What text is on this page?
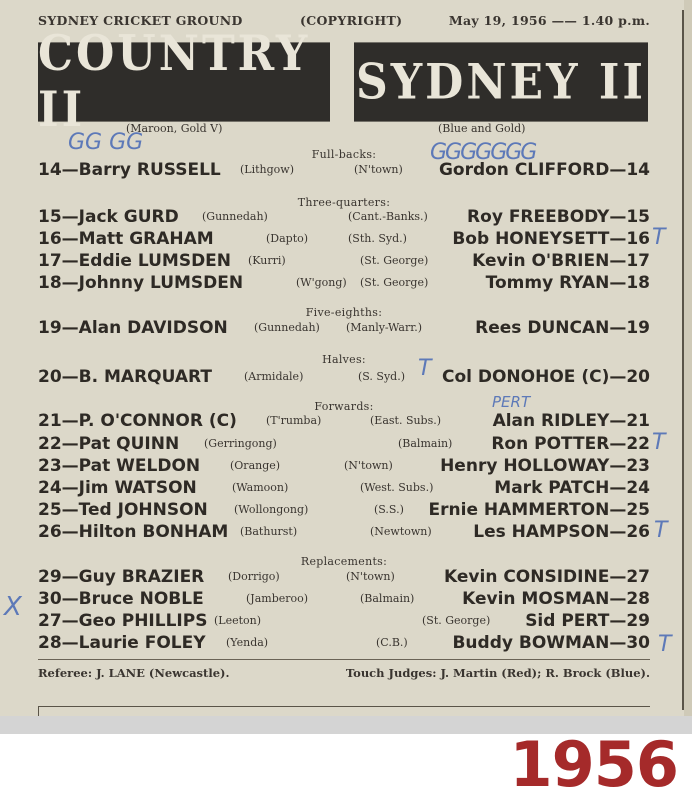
SYDNEY CRICKET GROUND	(COPYRIGHT)	May 19, 1956 —— 1.40 p.m.
COUNTRY II	SYDNEY II
(Maroon, Gold V)	(Blue and Gold)
GG GG	GGGGGGG
Full-backs:
Three-quarters:
Five-eighths:
Halves:
Forwards:
Replacements:
14—Barry RUSSELL (Lithgow)	(N'town) Gordon CLIFFORD—14
15—Jack GURD (Gunnedah)	(Cant.-Banks.) Roy FREEBODY—15
16—Matt GRAHAM	(Dapto)	(Sth. Syd.)	Bob HONEYSETT—16
17—Eddie LUMSDEN (Kurri)	(St. George)	Kevin O'BRIEN—17
18—Johnny LUMSDEN	(W'gong) (St. George)	Tommy RYAN—18
19—Alan DAVIDSON (Gunnedah) (Manly-Warr.)	Rees DUNCAN—19
20—B. MARQUART	(Armidale)	(S. Syd.) Col DONOHOE (C)—20
21—P. O'CONNOR (C)	(T'rumba)	(East. Subs.)	Alan RIDLEY—21
22—Pat QUINN (Gerringong)	(Balmain) Ron POTTER—22
23—Pat WELDON	(Orange)	(N'town)	Henry HOLLOWAY—23
24—Jim WATSON	(Wamoon)	(West. Subs.)	Mark PATCH—24
25—Ted JOHNSON (Wollongong)	(S.S.) Ernie HAMMERTON—25
26—Hilton BONHAM (Bathurst)	(Newtown) Les HAMPSON—26
29—Guy BRAZIER (Dorrigo)	(N'town)	Kevin CONSIDINE—27
30—Bruce NOBLE	(Jamberoo)	(Balmain)	Kevin MOSMAN—28
27—Geo PHILLIPS (Leeton)	(St. George) Sid PERT—29
28—Laurie FOLEY (Yenda)	(C.B.)	Buddy BOWMAN—30
T
PERT
T
T
T
T
X
Referee: J. LANE (Newcastle).	Touch Judges: J. Martin (Red); R. Brock (Blue).
1956
